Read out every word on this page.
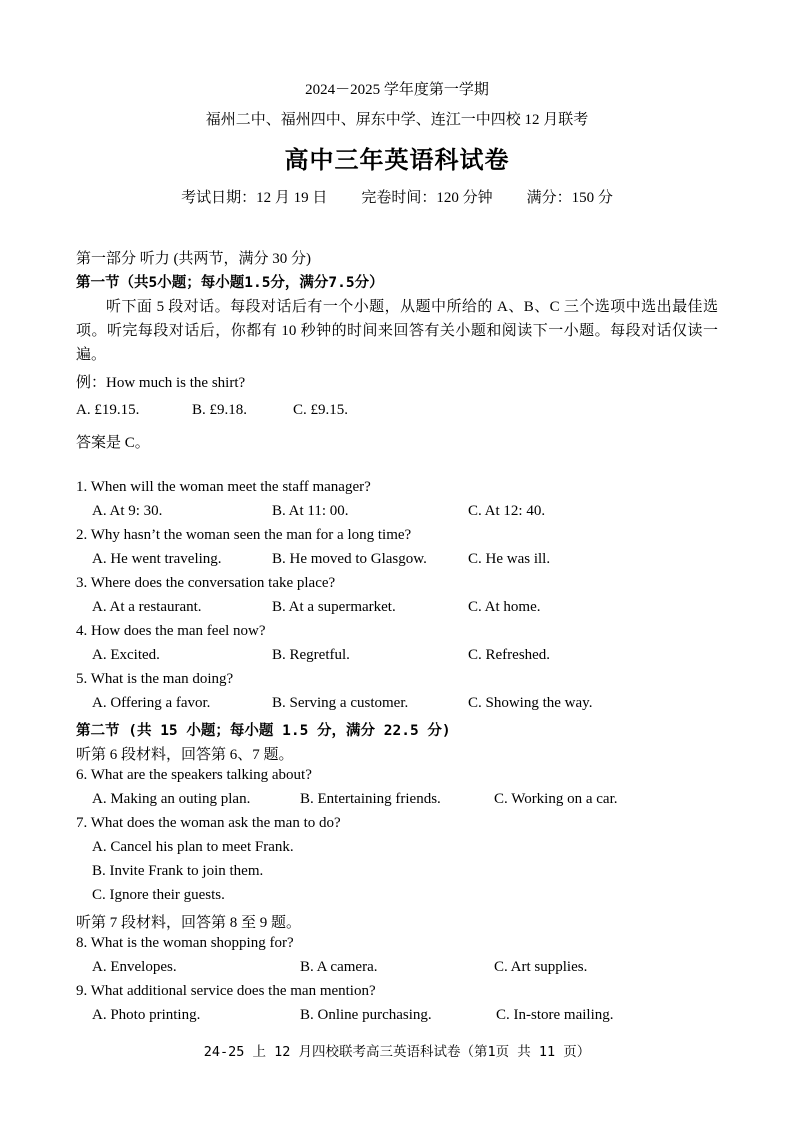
2024－2025 学年度第一学期
福州二中、福州四中、屏东中学、连江一中四校 12 月联考
高中三年英语科试卷
考试日期：12 月 19 日 完卷时间：120 分钟 满分：150 分
第一部分 听力 (共两节，满分 30 分)
第一节（共5小题；每小题1.5分，满分7.5分）
听下面 5 段对话。每段对话后有一个小题，从题中所给的 A、B、C 三个选项中选出最佳选项。听完每段对话后，你都有 10 秒钟的时间来回答有关小题和阅读下一小题。每段对话仅读一遍。
例：How much is the shirt?
A. £19.15.	B. £9.18.	C. £9.15.
答案是 C。
1. When will the woman meet the staff manager?
A. At 9: 30.	B. At 11: 00.	C. At 12: 40.
2. Why hasn’t the woman seen the man for a long time?
A. He went traveling.	B. He moved to Glasgow.	C. He was ill.
3. Where does the conversation take place?
A. At a restaurant.	B. At a supermarket.	C. At home.
4. How does the man feel now?
A. Excited.	B. Regretful.	C. Refreshed.
5. What is the man doing?
A. Offering a favor.	B. Serving a customer.	C. Showing the way.
第二节 (共 15 小题；每小题 1.5 分，满分 22.5 分)
听第 6 段材料，回答第 6、7 题。
6. What are the speakers talking about?
A. Making an outing plan.	B. Entertaining friends.	C. Working on a car.
7. What does the woman ask the man to do?
A. Cancel his plan to meet Frank.
B. Invite Frank to join them.
C. Ignore their guests.
听第 7 段材料，回答第 8 至 9 题。
8. What is the woman shopping for?
A. Envelopes.	B. A camera.	C. Art supplies.
9. What additional service does the man mention?
A. Photo printing.	B. Online purchasing.	C. In-store mailing.
24-25 上 12 月四校联考高三英语科试卷（第1页 共 11 页）
